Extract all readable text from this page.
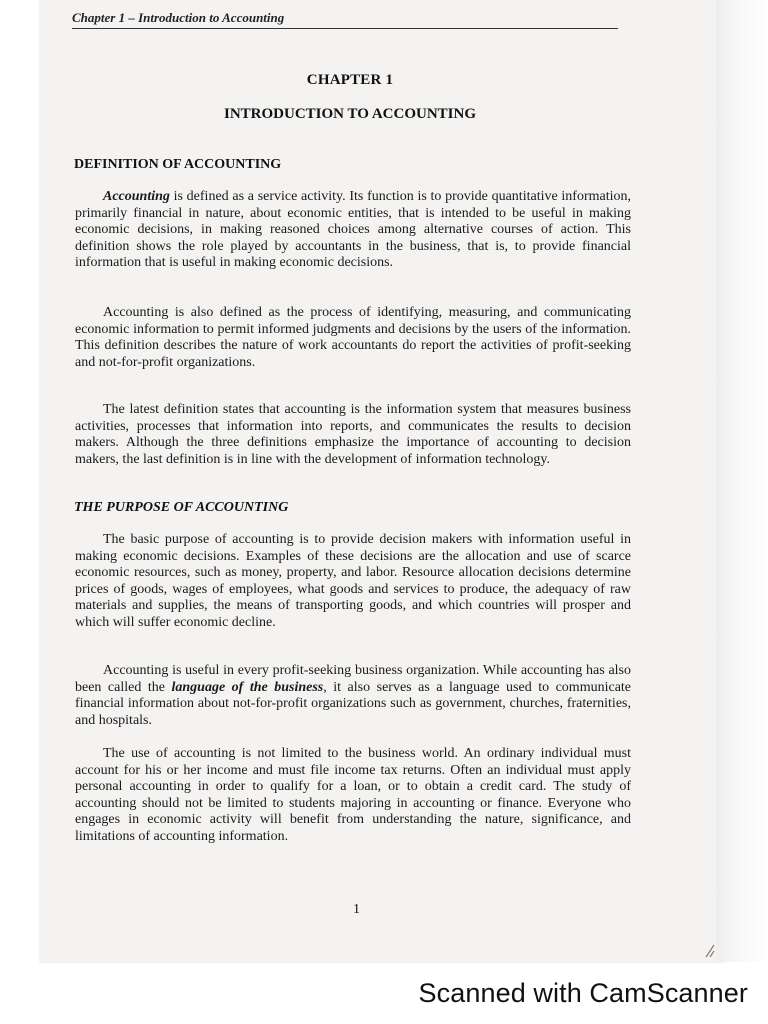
Chapter 1 – Introduction to Accounting
CHAPTER 1
INTRODUCTION TO ACCOUNTING
DEFINITION OF ACCOUNTING
Accounting is defined as a service activity. Its function is to provide quantitative information, primarily financial in nature, about economic entities, that is intended to be useful in making economic decisions, in making reasoned choices among alternative courses of action. This definition shows the role played by accountants in the business, that is, to provide financial information that is useful in making economic decisions.
Accounting is also defined as the process of identifying, measuring, and communicating economic information to permit informed judgments and decisions by the users of the information. This definition describes the nature of work accountants do report the activities of profit-seeking and not-for-profit organizations.
The latest definition states that accounting is the information system that measures business activities, processes that information into reports, and communicates the results to decision makers. Although the three definitions emphasize the importance of accounting to decision makers, the last definition is in line with the development of information technology.
THE PURPOSE OF ACCOUNTING
The basic purpose of accounting is to provide decision makers with information useful in making economic decisions. Examples of these decisions are the allocation and use of scarce economic resources, such as money, property, and labor. Resource allocation decisions determine prices of goods, wages of employees, what goods and services to produce, the adequacy of raw materials and supplies, the means of transporting goods, and which countries will prosper and which will suffer economic decline.
Accounting is useful in every profit-seeking business organization. While accounting has also been called the language of the business, it also serves as a language used to communicate financial information about not-for-profit organizations such as government, churches, fraternities, and hospitals.
The use of accounting is not limited to the business world. An ordinary individual must account for his or her income and must file income tax returns. Often an individual must apply personal accounting in order to qualify for a loan, or to obtain a credit card. The study of accounting should not be limited to students majoring in accounting or finance. Everyone who engages in economic activity will benefit from understanding the nature, significance, and limitations of accounting information.
1
Scanned with CamScanner
